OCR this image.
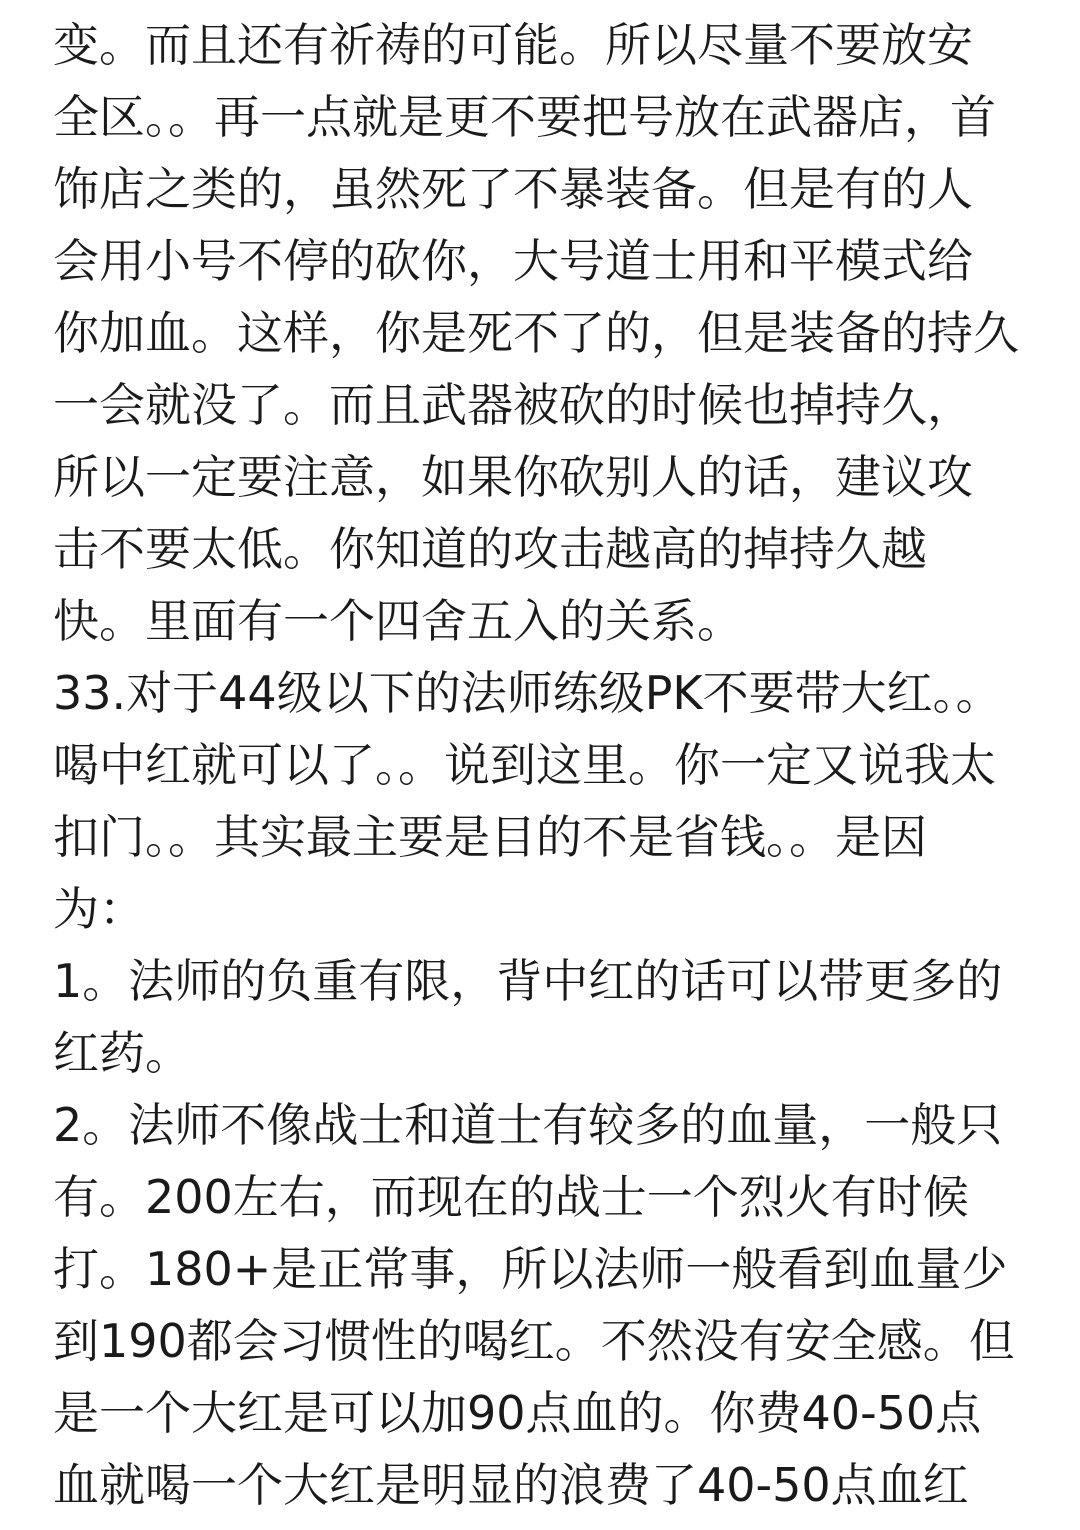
变。而且还有祈祷的可能。所以尽量不要放安
全区。。再一点就是更不要把号放在武器店，首
饰店之类的，虽然死了不暴装备。但是有的人
会用小号不停的砍你，大号道士用和平模式给
你加血。这样，你是死不了的，但是装备的持久
一会就没了。而且武器被砍的时候也掉持久，
所以一定要注意，如果你砍别人的话，建议攻
击不要太低。你知道的攻击越高的掉持久越
快。里面有一个四舍五入的关系。
33.对于44级以下的法师练级PK不要带大红。。
喝中红就可以了。。说到这里。你一定又说我太
扣门。。其实最主要是目的不是省钱。。是因
为：
1。法师的负重有限，背中红的话可以带更多的
红药。
2。法师不像战士和道士有较多的血量，一般只
有。200左右，而现在的战士一个烈火有时候
打。180+是正常事，所以法师一般看到血量少
到190都会习惯性的喝红。不然没有安全感。但
是一个大红是可以加90点血的。你费40-50点
血就喝一个大红是明显的浪费了40-50点血红
